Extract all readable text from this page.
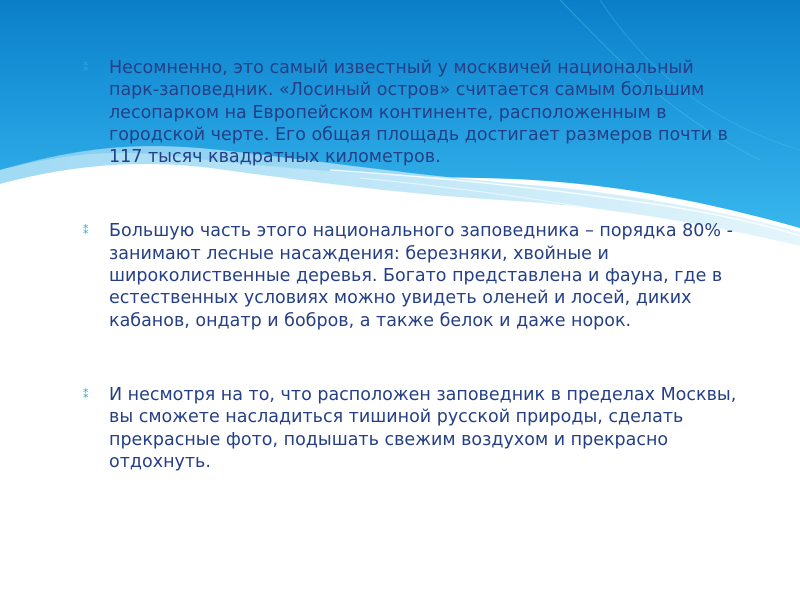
⁑ Несомненно, это самый известный у москвичей национальный парк-заповедник. «Лосиный остров» считается самым большим лесопарком на Европейском континенте, расположенным в городской черте. Его общая площадь достигает размеров почти в 117 тысяч квадратных километров.
⁑ Большую часть этого национального заповедника – порядка 80% - занимают лесные насаждения: березняки, хвойные и широколиственные деревья. Богато представлена и фауна, где в естественных условиях можно увидеть оленей и лосей, диких кабанов, ондатр и бобров, а также белок и даже норок.
⁑ И несмотря на то, что расположен заповедник в пределах Москвы, вы сможете насладиться тишиной русской природы, сделать прекрасные фото, подышать свежим воздухом и прекрасно отдохнуть.
